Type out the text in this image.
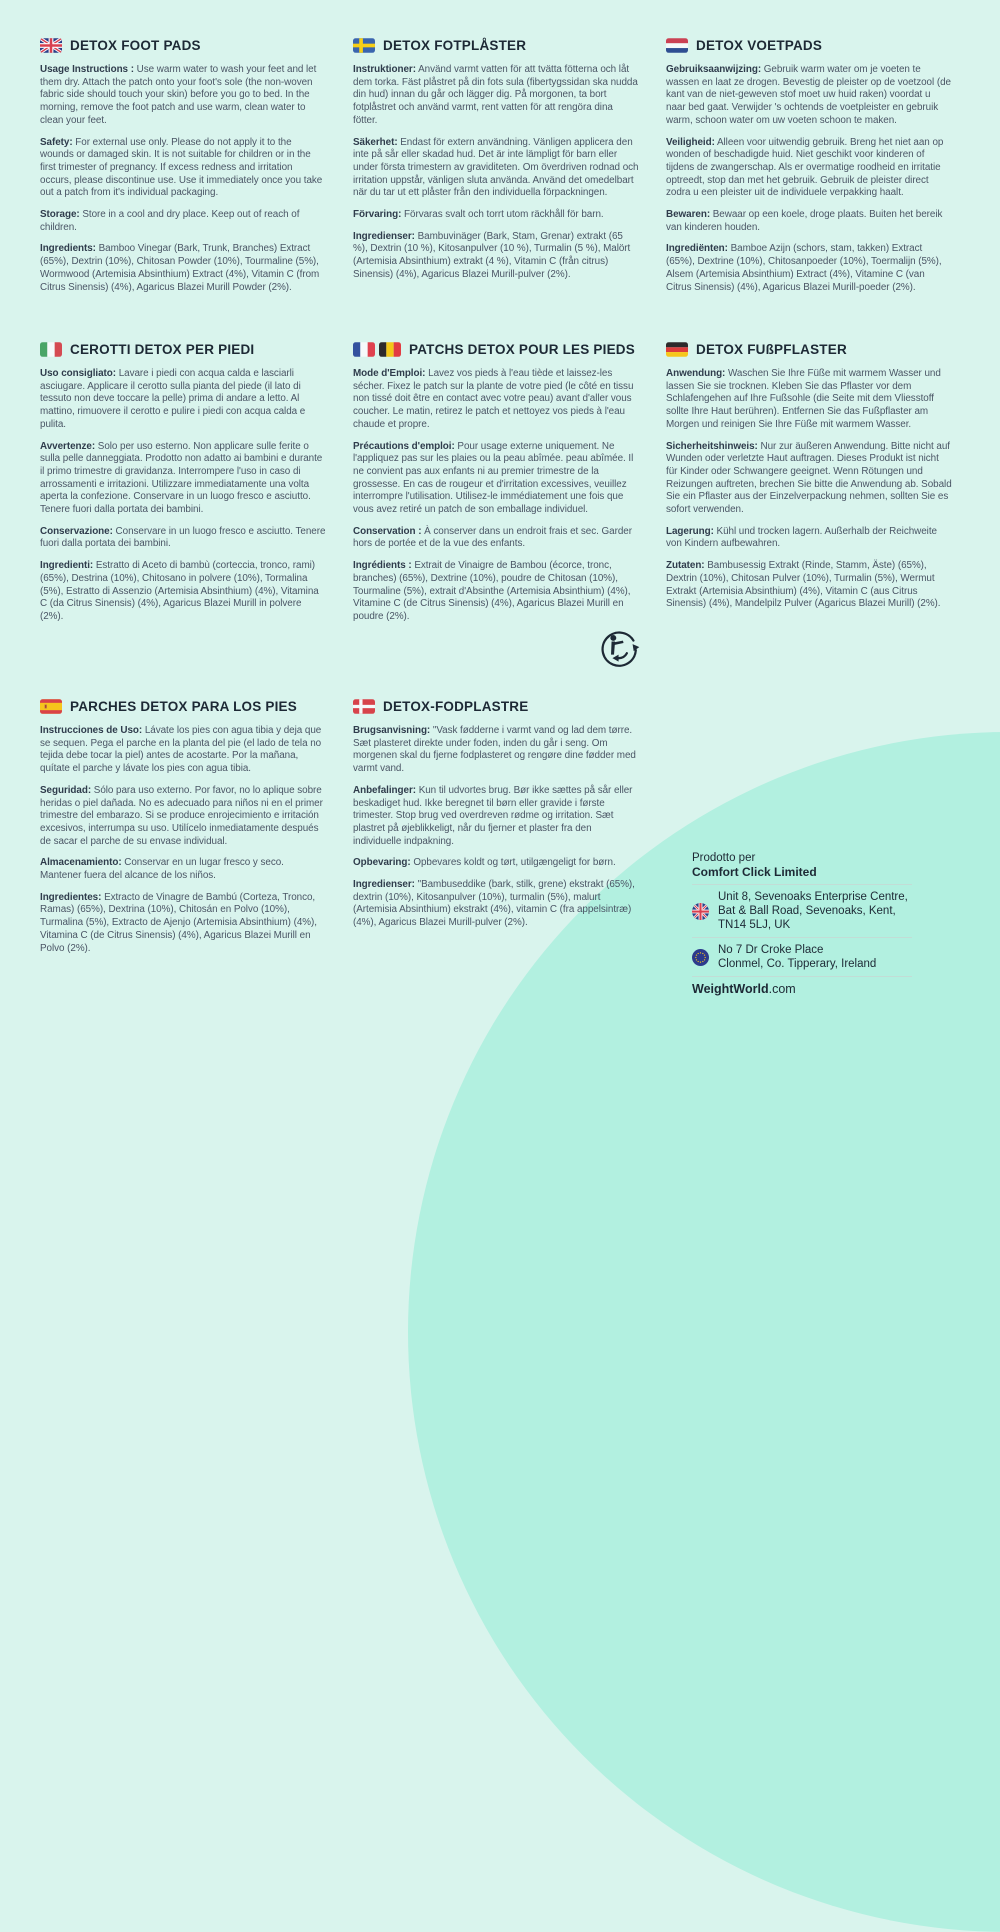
DETOX FOOT PADS

Usage Instructions : Use warm water to wash your feet and let them dry. Attach the patch onto your foot's sole (the non-woven fabric side should touch your skin) before you go to bed. In the morning, remove the foot patch and use warm, clean water to clean your feet.

Safety: For external use only. Please do not apply it to the wounds or damaged skin. It is not suitable for children or in the first trimester of pregnancy. If excess redness and irritation occurs, please discontinue use. Use it immediately once you take out a patch from it's individual packaging.

Storage: Store in a cool and dry place. Keep out of reach of children.

Ingredients: Bamboo Vinegar (Bark, Trunk, Branches) Extract (65%), Dextrin (10%), Chitosan Powder (10%), Tourmaline (5%), Wormwood (Artemisia Absinthium) Extract (4%), Vitamin C (from Citrus Sinensis) (4%), Agaricus Blazei Murill Powder (2%).

DETOX FOTPLÅSTER

Instruktioner: Använd varmt vatten för att tvätta fötterna och låt dem torka. Fäst plåstret på din fots sula (fibertygssidan ska nudda din hud) innan du går och lägger dig. På morgonen, ta bort fotplåstret och använd varmt, rent vatten för att rengöra dina fötter.

Säkerhet: Endast för extern användning. Vänligen applicera den inte på sår eller skadad hud. Det är inte lämpligt för barn eller under första trimestern av graviditeten. Om överdriven rodnad och irritation uppstår, vänligen sluta använda. Använd det omedelbart när du tar ut ett plåster från den individuella förpackningen.

Förvaring: Förvaras svalt och torrt utom räckhåll för barn.

Ingredienser: Bambuvinäger (Bark, Stam, Grenar) extrakt (65 %), Dextrin (10 %), Kitosanpulver (10 %), Turmalin (5 %), Malört (Artemisia Absinthium) extrakt (4 %), Vitamin C (från citrus) Sinensis) (4%), Agaricus Blazei Murill-pulver (2%).

DETOX VOETPADS

Gebruiksaanwijzing: Gebruik warm water om je voeten te wassen en laat ze drogen. Bevestig de pleister op de voetzool (de kant van de niet-geweven stof moet uw huid raken) voordat u naar bed gaat. Verwijder 's ochtends de voetpleister en gebruik warm, schoon water om uw voeten schoon te maken.

Veiligheid: Alleen voor uitwendig gebruik. Breng het niet aan op wonden of beschadigde huid. Niet geschikt voor kinderen of tijdens de zwangerschap. Als er overmatige roodheid en irritatie optreedt, stop dan met het gebruik. Gebruik de pleister direct zodra u een pleister uit de individuele verpakking haalt.

Bewaren: Bewaar op een koele, droge plaats. Buiten het bereik van kinderen houden.

Ingrediënten: Bamboe Azijn (schors, stam, takken) Extract (65%), Dextrine (10%), Chitosanpoeder (10%), Toermalijn (5%), Alsem (Artemisia Absinthium) Extract (4%), Vitamine C (van Citrus Sinensis) (4%), Agaricus Blazei Murill-poeder (2%).

CEROTTI DETOX PER PIEDI

Uso consigliato: Lavare i piedi con acqua calda e lasciarli asciugare. Applicare il cerotto sulla pianta del piede (il lato di tessuto non deve toccare la pelle) prima di andare a letto. Al mattino, rimuovere il cerotto e pulire i piedi con acqua calda e pulita.

Avvertenze: Solo per uso esterno. Non applicare sulle ferite o sulla pelle danneggiata. Prodotto non adatto ai bambini e durante il primo trimestre di gravidanza. Interrompere l'uso in caso di arrossamenti e irritazioni. Utilizzare immediatamente una volta aperta la confezione. Conservare in un luogo fresco e asciutto. Tenere fuori dalla portata dei bambini.

Conservazione: Conservare in un luogo fresco e asciutto. Tenere fuori dalla portata dei bambini.

Ingredienti: Estratto di Aceto di bambù (corteccia, tronco, rami) (65%), Destrina (10%), Chitosano in polvere (10%), Tormalina (5%), Estratto di Assenzio (Artemisia Absinthium) (4%), Vitamina C (da Citrus Sinensis) (4%), Agaricus Blazei Murill in polvere (2%).

PATCHS DETOX POUR LES PIEDS

Mode d'Emploi: Lavez vos pieds à l'eau tiède et laissez-les sécher. Fixez le patch sur la plante de votre pied (le côté en tissu non tissé doit être en contact avec votre peau) avant d'aller vous coucher. Le matin, retirez le patch et nettoyez vos pieds à l'eau chaude et propre.

Précautions d'emploi: Pour usage externe uniquement. Ne l'appliquez pas sur les plaies ou la peau abîmée. peau abîmée. Il ne convient pas aux enfants ni au premier trimestre de la grossesse. En cas de rougeur et d'irritation excessives, veuillez interrompre l'utilisation. Utilisez-le immédiatement une fois que vous avez retiré un patch de son emballage individuel.

Conservation : À conserver dans un endroit frais et sec. Garder hors de portée et de la vue des enfants.

Ingrédients : Extrait de Vinaigre de Bambou (écorce, tronc, branches) (65%), Dextrine (10%), poudre de Chitosan (10%), Tourmaline (5%), extrait d'Absinthe (Artemisia Absinthium) (4%), Vitamine C (de Citrus Sinensis) (4%), Agaricus Blazei Murill en poudre (2%).

DETOX FUßPFLASTER

Anwendung: Waschen Sie Ihre Füße mit warmem Wasser und lassen Sie sie trocknen. Kleben Sie das Pflaster vor dem Schlafengehen auf Ihre Fußsohle (die Seite mit dem Vliesstoff sollte Ihre Haut berühren). Entfernen Sie das Fußpflaster am Morgen und reinigen Sie Ihre Füße mit warmem Wasser.

Sicherheitshinweis: Nur zur äußeren Anwendung. Bitte nicht auf Wunden oder verletzte Haut auftragen. Dieses Produkt ist nicht für Kinder oder Schwangere geeignet. Wenn Rötungen und Reizungen auftreten, brechen Sie bitte die Anwendung ab. Sobald Sie ein Pflaster aus der Einzelverpackung nehmen, sollten Sie es sofort verwenden.

Lagerung: Kühl und trocken lagern. Außerhalb der Reichweite von Kindern aufbewahren.

Zutaten: Bambusessig Extrakt (Rinde, Stamm, Äste) (65%), Dextrin (10%), Chitosan Pulver (10%), Turmalin (5%), Wermut Extrakt (Artemisia Absinthium) (4%), Vitamin C (aus Citrus Sinensis) (4%), Mandelpilz Pulver (Agaricus Blazei Murill) (2%).

PARCHES DETOX PARA LOS PIES

Instrucciones de Uso: Lávate los pies con agua tibia y deja que se sequen. Pega el parche en la planta del pie (el lado de tela no tejida debe tocar la piel) antes de acostarte. Por la mañana, quítate el parche y lávate los pies con agua tibia.

Seguridad: Sólo para uso externo. Por favor, no lo aplique sobre heridas o piel dañada. No es adecuado para niños ni en el primer trimestre del embarazo. Si se produce enrojecimiento e irritación excesivos, interrumpa su uso. Utilícelo inmediatamente después de sacar el parche de su envase individual.

Almacenamiento: Conservar en un lugar fresco y seco. Mantener fuera del alcance de los niños.

Ingredientes: Extracto de Vinagre de Bambú (Corteza, Tronco, Ramas) (65%), Dextrina (10%), Chitosán en Polvo (10%), Turmalina (5%), Extracto de Ajenjo (Artemisia Absinthium) (4%), Vitamina C (de Citrus Sinensis) (4%), Agaricus Blazei Murill en Polvo (2%).

DETOX-FODPLASTRE

Brugsanvisning: "Vask fødderne i varmt vand og lad dem tørre. Sæt plasteret direkte under foden, inden du går i seng. Om morgenen skal du fjerne fodplasteret og rengøre dine fødder med varmt vand.

Anbefalinger: Kun til udvortes brug. Bør ikke sættes på sår eller beskadiget hud. Ikke beregnet til børn eller gravide i første trimester. Stop brug ved overdreven rødme og irritation. Sæt plastret på øjeblikkeligt, når du fjerner et plaster fra den individuelle indpakning.

Opbevaring: Opbevares koldt og tørt, utilgængeligt for børn.

Ingredienser: "Bambuseddike (bark, stilk, grene) ekstrakt (65%), dextrin (10%), Kitosanpulver (10%), turmalin (5%), malurt (Artemisia Absinthium) ekstrakt (4%), vitamin C (fra appelsintræ) (4%), Agaricus Blazei Murill-pulver (2%).

Prodotto per
Comfort Click Limited
Unit 8, Sevenoaks Enterprise Centre,
Bat & Ball Road, Sevenoaks, Kent,
TN14 5LJ, UK
No 7 Dr Croke Place
Clonmel, Co. Tipperary, Ireland
WeightWorld.com
